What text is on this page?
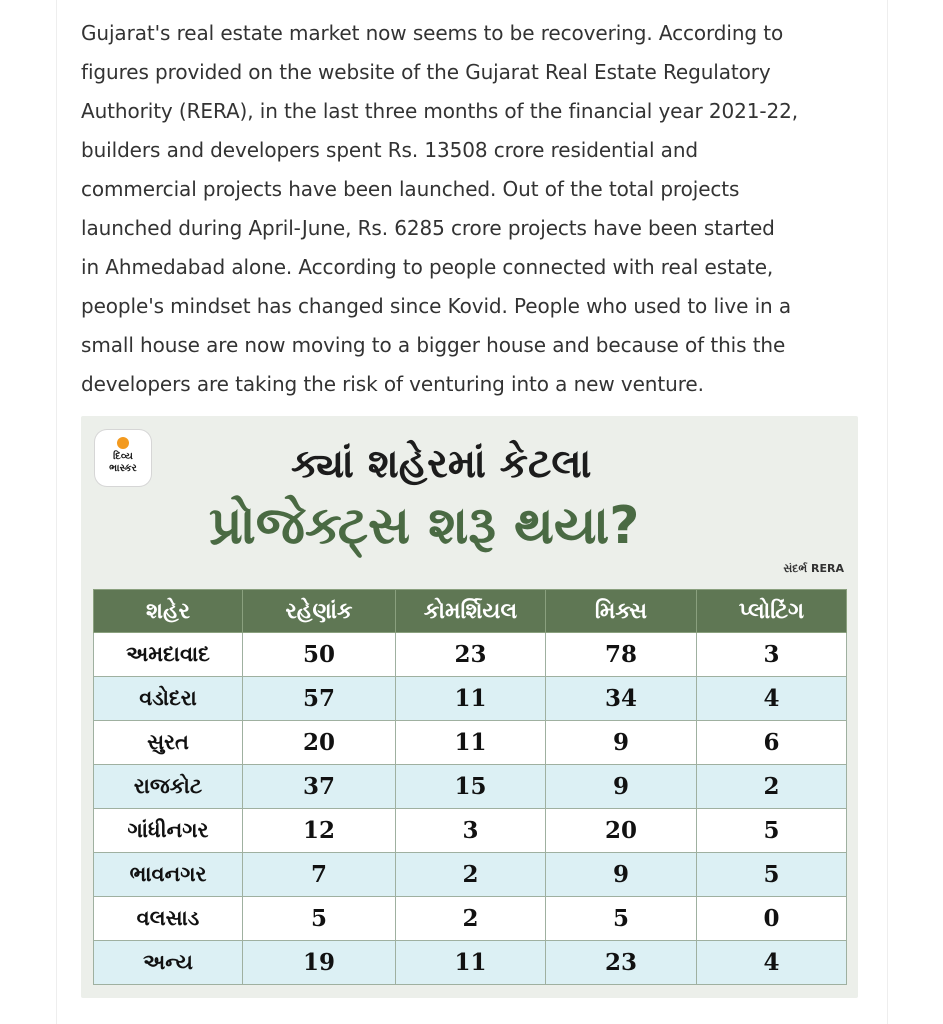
Gujarat's real estate market now seems to be recovering. According to
figures provided on the website of the Gujarat Real Estate Regulatory
Authority (RERA), in the last three months of the financial year 2021-22,
builders and developers spent Rs. 13508 crore residential and
commercial projects have been launched. Out of the total projects
launched during April-June, Rs. 6285 crore projects have been started
in Ahmedabad alone. According to people connected with real estate,
people's mindset has changed since Kovid. People who used to live in a
small house are now moving to a bigger house and because of this the
developers are taking the risk of venturing into a new venture.

દિવ્ય
ભાસ્કર	ક્યાં શહેરમાં કેટલા
પ્રોજેક્ટ્સ શરૂ થયા?
સંદર્ભ RERA
શહેર	રહેણાંક	કોમર્શિયલ	મિક્સ	પ્લોટિંગ
અમદાવાદ	50	23	78	3
વડોદરા	57	11	34	4
સુરત	20	11	9	6
રાજકોટ	37	15	9	2
ગાંધીનગર	12	3	20	5
ભાવનગર	7	2	9	5
વલસાડ	5	2	5	0
અન્ય	19	11	23	4
